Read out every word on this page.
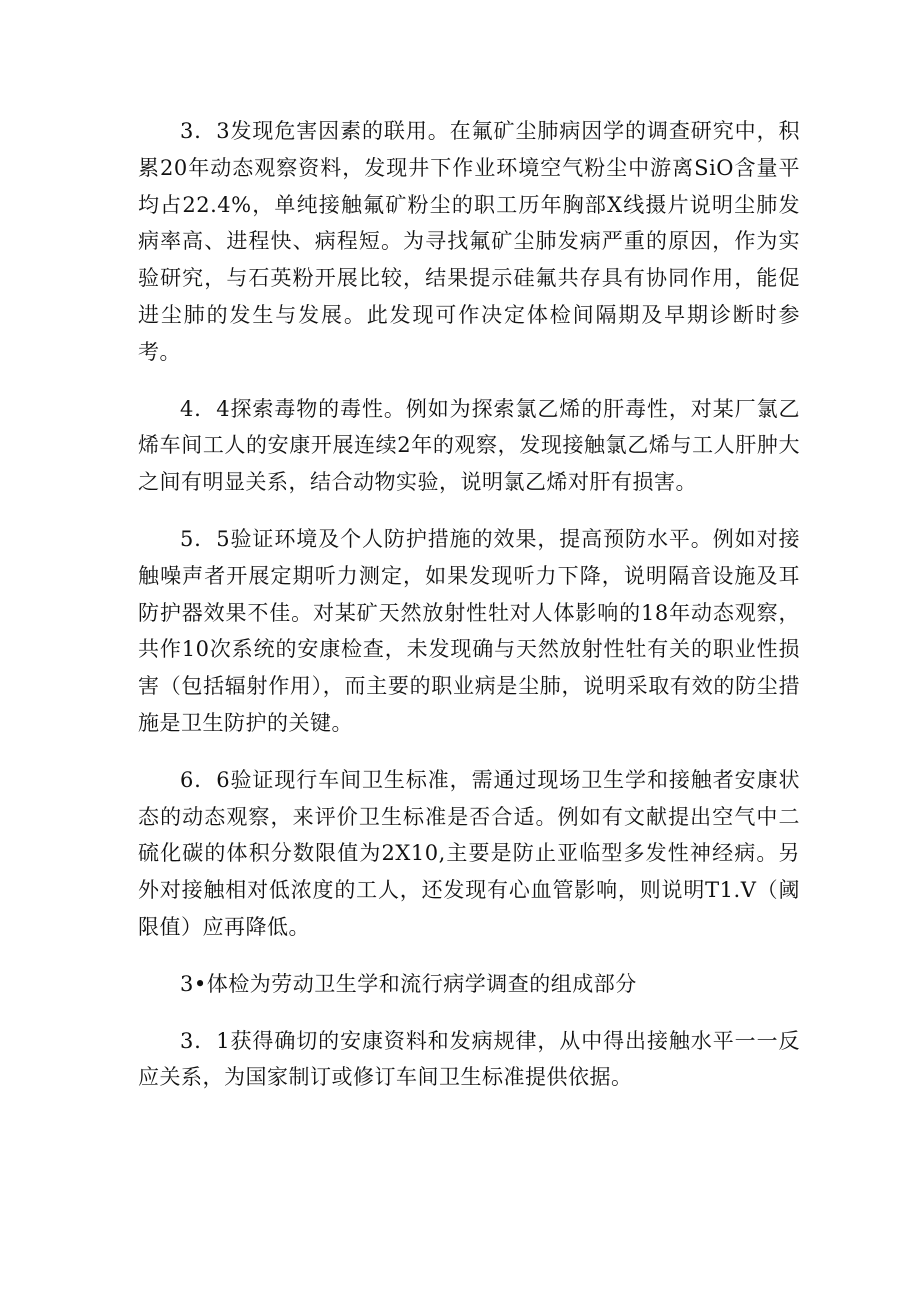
3．3发现危害因素的联用。在氟矿尘肺病因学的调查研究中，积累20年动态观察资料，发现井下作业环境空气粉尘中游离SiO含量平均占22.4%，单纯接触氟矿粉尘的职工历年胸部X线摄片说明尘肺发病率高、进程快、病程短。为寻找氟矿尘肺发病严重的原因，作为实验研究，与石英粉开展比较，结果提示硅氟共存具有协同作用，能促进尘肺的发生与发展。此发现可作决定体检间隔期及早期诊断时参考。

4．4探索毒物的毒性。例如为探索氯乙烯的肝毒性，对某厂氯乙烯车间工人的安康开展连续2年的观察，发现接触氯乙烯与工人肝肿大之间有明显关系，结合动物实验，说明氯乙烯对肝有损害。

5．5验证环境及个人防护措施的效果，提高预防水平。例如对接触噪声者开展定期听力测定，如果发现听力下降，说明隔音设施及耳防护器效果不佳。对某矿天然放射性牡对人体影响的18年动态观察，共作10次系统的安康检查，未发现确与天然放射性牡有关的职业性损害（包括辐射作用），而主要的职业病是尘肺，说明采取有效的防尘措施是卫生防护的关键。

6．6验证现行车间卫生标准，需通过现场卫生学和接触者安康状态的动态观察，来评价卫生标准是否合适。例如有文献提出空气中二硫化碳的体积分数限值为2X10,主要是防止亚临型多发性神经病。另外对接触相对低浓度的工人，还发现有心血管影响，则说明T1.V（阈限值）应再降低。

3•体检为劳动卫生学和流行病学调查的组成部分

3．1获得确切的安康资料和发病规律，从中得出接触水平一一反应关系，为国家制订或修订车间卫生标准提供依据。
